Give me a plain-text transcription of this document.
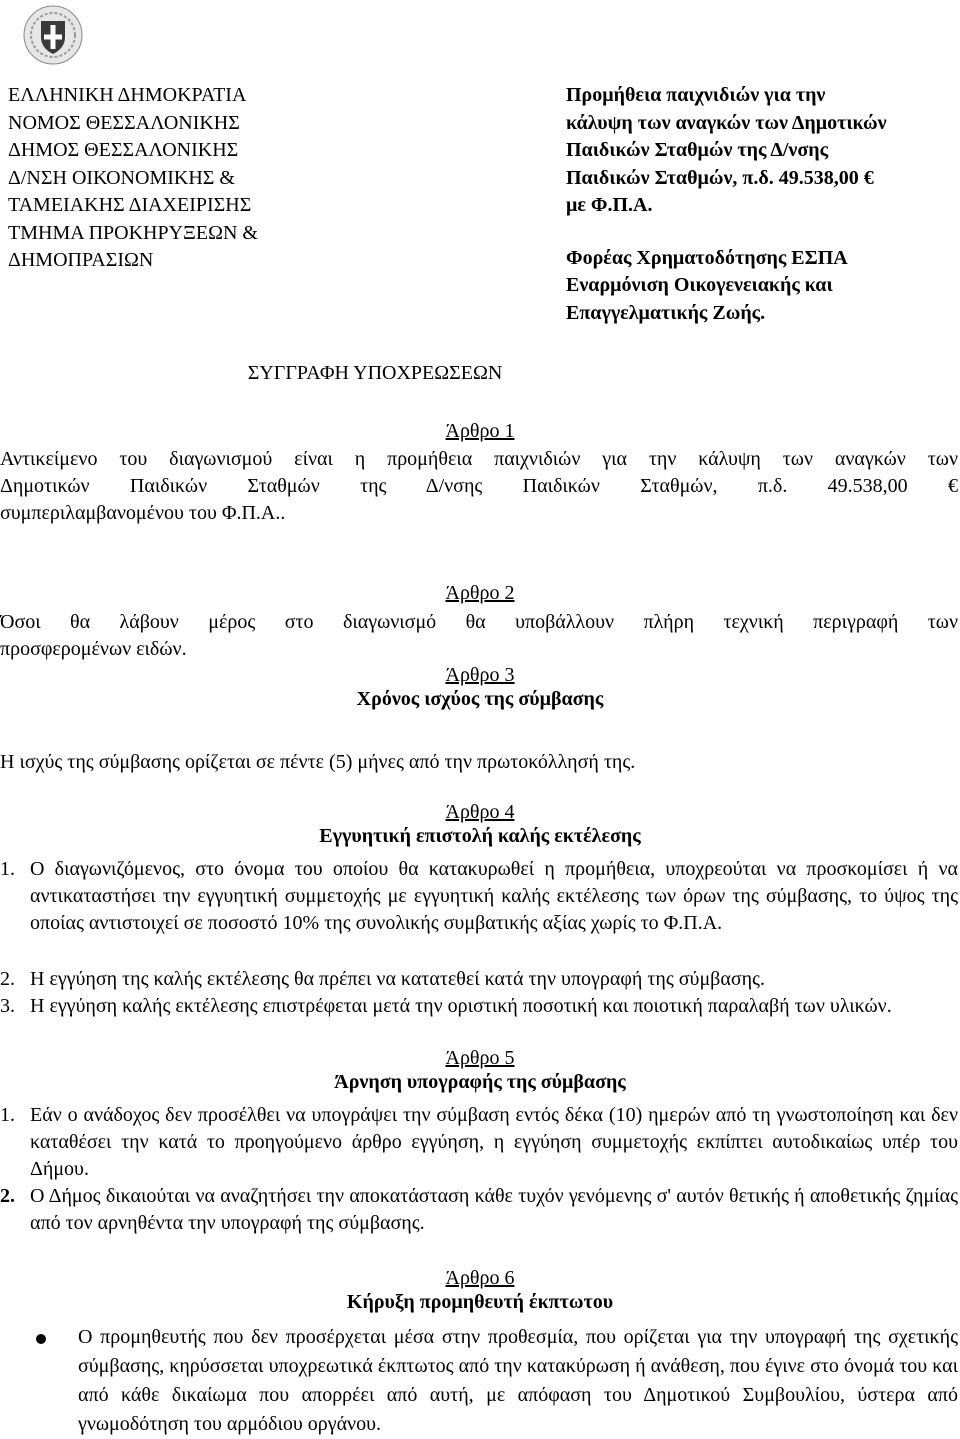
ΕΛΛΗΝΙΚΗ ΔΗΜΟΚΡΑΤΙΑ
ΝΟΜΟΣ ΘΕΣΣΑΛΟΝΙΚΗΣ
ΔΗΜΟΣ ΘΕΣΣΑΛΟΝΙΚΗΣ
Δ/ΝΣΗ ΟΙΚΟΝΟΜΙΚΗΣ &
ΤΑΜΕΙΑΚΗΣ ΔΙΑΧΕΙΡΙΣΗΣ
ΤΜΗΜΑ ΠΡΟΚΗΡΥΞΕΩΝ &
ΔΗΜΟΠΡΑΣΙΩΝ
Προμήθεια παιχνιδιών για την
κάλυψη των αναγκών των Δημοτικών
Παιδικών Σταθμών της Δ/νσης
Παιδικών Σταθμών, π.δ. 49.538,00 €
με Φ.Π.Α.
Φορέας Χρηματοδότησης ΕΣΠΑ
Εναρμόνιση Οικογενειακής και
Επαγγελματικής Ζωής.
ΣΥΓΓΡΑΦΗ ΥΠΟΧΡΕΩΣΕΩΝ
Άρθρο 1
Αντικείμενο του διαγωνισμού είναι η προμήθεια παιχνιδιών για την κάλυψη των αναγκών των
Δημοτικών Παιδικών Σταθμών της Δ/νσης Παιδικών Σταθμών, π.δ. 49.538,00 €
συμπεριλαμβανομένου του Φ.Π.Α..
Άρθρο 2
Όσοι θα λάβουν μέρος στο διαγωνισμό θα υποβάλλουν πλήρη τεχνική περιγραφή των
προσφερομένων ειδών.
Άρθρο 3
Χρόνος ισχύος της σύμβασης
Η ισχύς της σύμβασης ορίζεται σε πέντε (5) μήνες από την πρωτοκόλλησή της.
Άρθρο 4
Εγγυητική επιστολή καλής εκτέλεσης
1. Ο διαγωνιζόμενος, στο όνομα του οποίου θα κατακυρωθεί η προμήθεια, υποχρεούται να προσκομίσει ή να αντικαταστήσει την εγγυητική συμμετοχής με εγγυητική καλής εκτέλεσης των όρων της σύμβασης, το ύψος της οποίας αντιστοιχεί σε ποσοστό 10% της συνολικής συμβατικής αξίας χωρίς το Φ.Π.Α.
2. Η εγγύηση της καλής εκτέλεσης θα πρέπει να κατατεθεί κατά την υπογραφή της σύμβασης.
3. Η εγγύηση καλής εκτέλεσης επιστρέφεται μετά την οριστική ποσοτική και ποιοτική παραλαβή των υλικών.
Άρθρο 5
Άρνηση υπογραφής της σύμβασης
1. Εάν ο ανάδοχος δεν προσέλθει να υπογράψει την σύμβαση εντός δέκα (10) ημερών από τη γνωστοποίηση και δεν καταθέσει την κατά το προηγούμενο άρθρο εγγύηση, η εγγύηση συμμετοχής εκπίπτει αυτοδικαίως υπέρ του Δήμου.
2. Ο Δήμος δικαιούται να αναζητήσει την αποκατάσταση κάθε τυχόν γενόμενης σ' αυτόν θετικής ή αποθετικής ζημίας από τον αρνηθέντα την υπογραφή της σύμβασης.
Άρθρο 6
Κήρυξη προμηθευτή έκπτωτου
Ο προμηθευτής που δεν προσέρχεται μέσα στην προθεσμία, που ορίζεται για την υπογραφή της σχετικής σύμβασης, κηρύσσεται υποχρεωτικά έκπτωτος από την κατακύρωση ή ανάθεση, που έγινε στο όνομά του και από κάθε δικαίωμα που απορρέει από αυτή, με απόφαση του Δημοτικού Συμβουλίου, ύστερα από γνωμοδότηση του αρμόδιου οργάνου.
